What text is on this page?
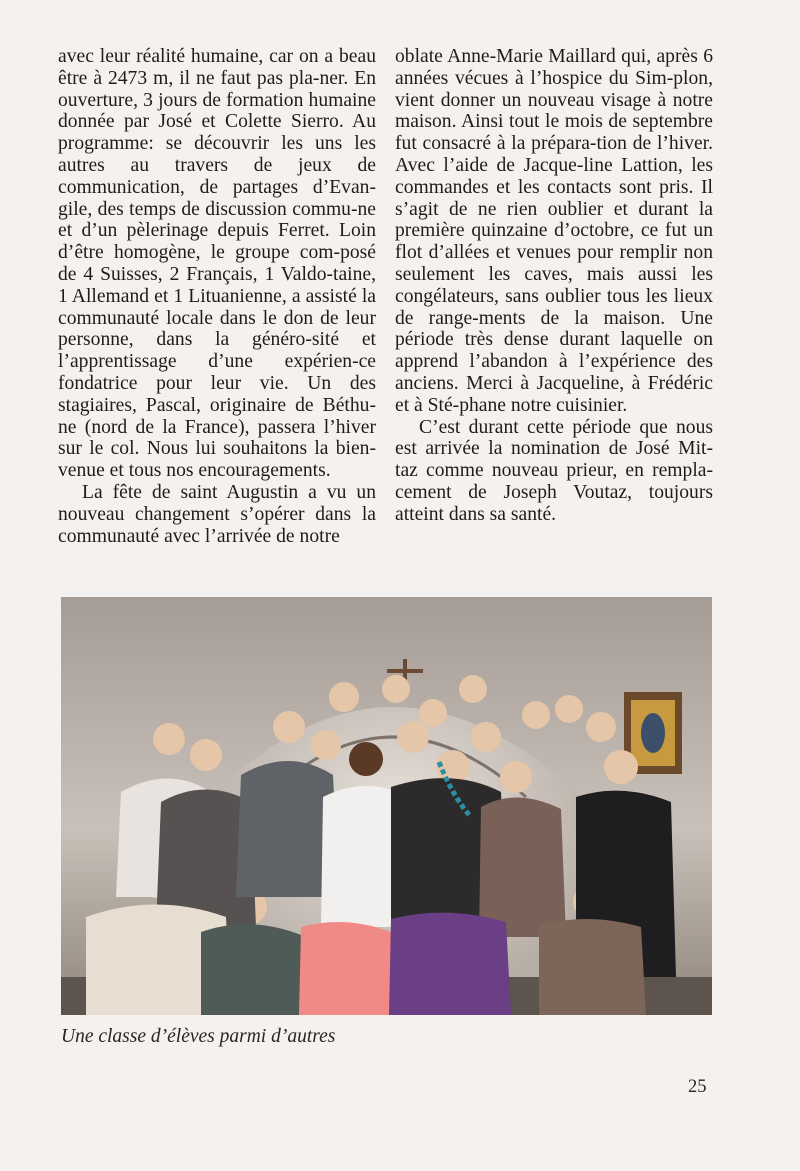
avec leur réalité humaine, car on a beau être à 2473 m, il ne faut pas pla-ner. En ouverture, 3 jours de formation humaine donnée par José et Colette Sierro. Au programme: se découvrir les uns les autres au travers de jeux de communication, de partages d’Evan-gile, des temps de discussion commu-ne et d’un pèlerinage depuis Ferret. Loin d’être homogène, le groupe com-posé de 4 Suisses, 2 Français, 1 Valdo-taine, 1 Allemand et 1 Lituanienne, a assisté la communauté locale dans le don de leur personne, dans la généro-sité et l’apprentissage d’une expérien-ce fondatrice pour leur vie. Un des stagiaires, Pascal, originaire de Béthu-ne (nord de la France), passera l’hiver sur le col. Nous lui souhaitons la bien-venue et tous nos encouragements.

La fête de saint Augustin a vu un nouveau changement s’opérer dans la communauté avec l’arrivée de notre

oblate Anne-Marie Maillard qui, après 6 années vécues à l’hospice du Sim-plon, vient donner un nouveau visage à notre maison. Ainsi tout le mois de septembre fut consacré à la prépara-tion de l’hiver. Avec l’aide de Jacque-line Lattion, les commandes et les contacts sont pris. Il s’agit de ne rien oublier et durant la première quinzaine d’octobre, ce fut un flot d’allées et venues pour remplir non seulement les caves, mais aussi les congélateurs, sans oublier tous les lieux de range-ments de la maison. Une période très dense durant laquelle on apprend l’abandon à l’expérience des anciens. Merci à Jacqueline, à Frédéric et à Sté-phane notre cuisinier.

C’est durant cette période que nous est arrivée la nomination de José Mit-taz comme nouveau prieur, en rempla-cement de Joseph Voutaz, toujours atteint dans sa santé.

Une classe d’élèves parmi d’autres
25
